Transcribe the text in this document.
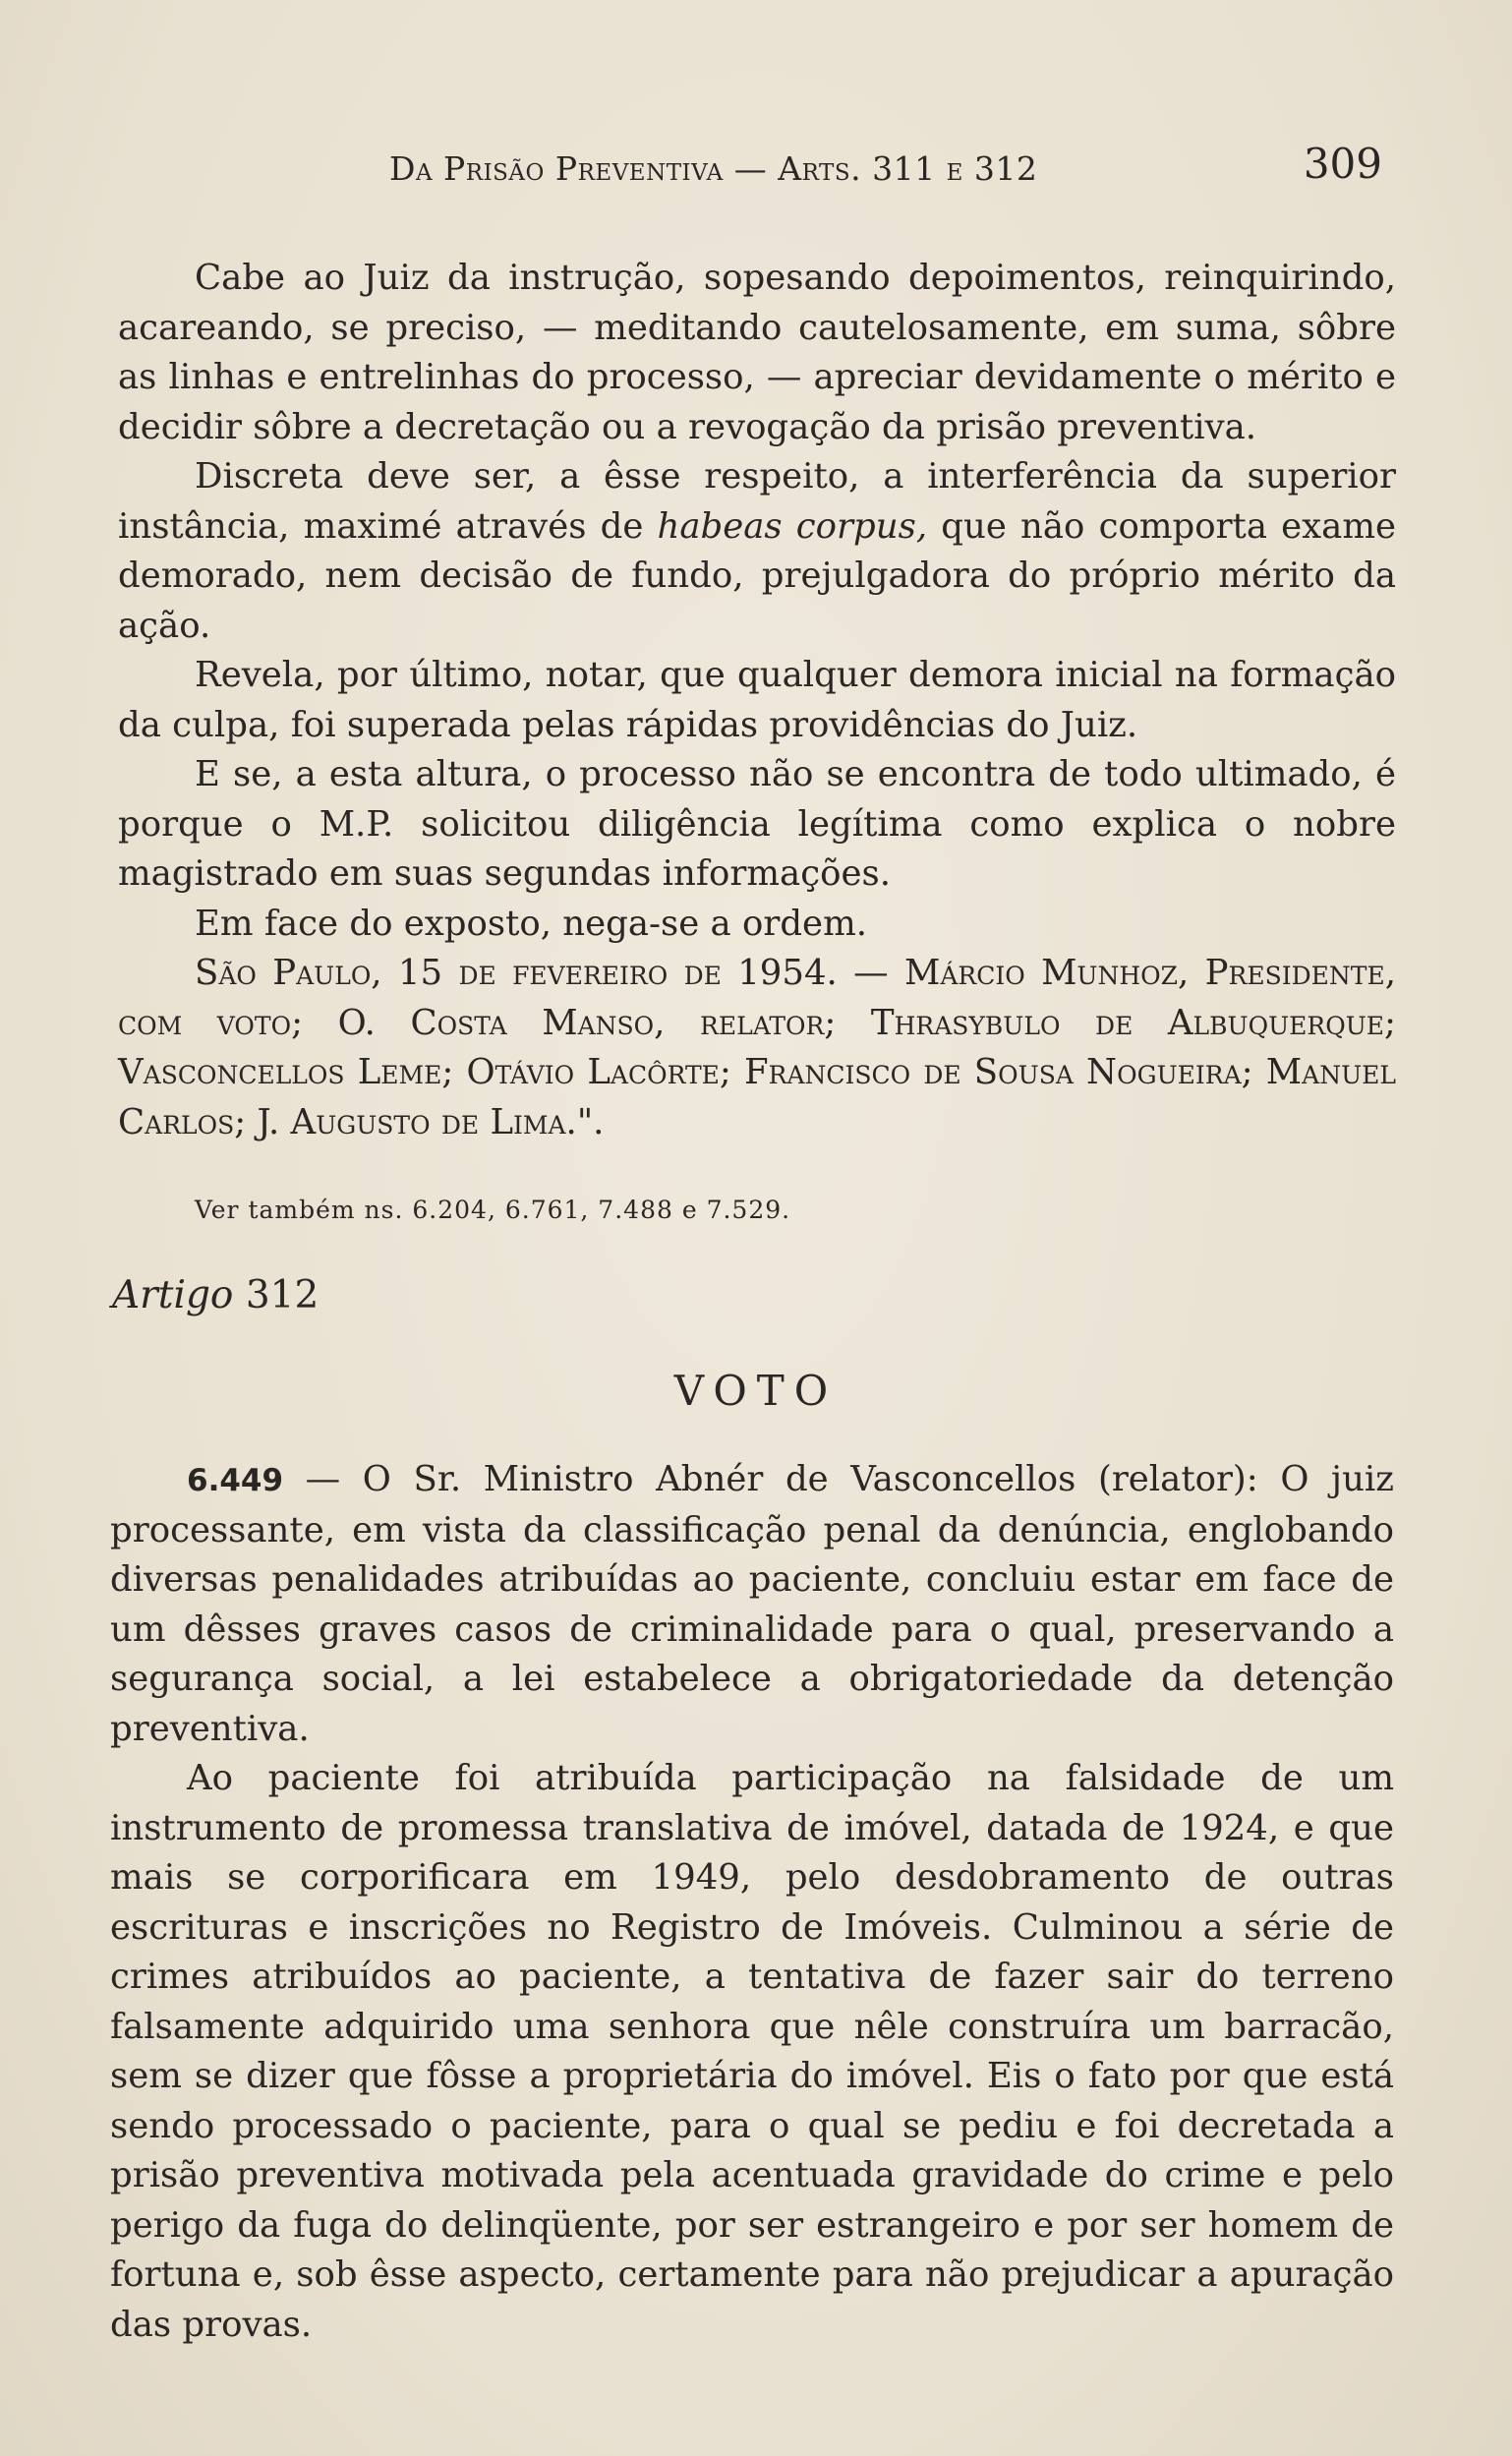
Da Prisão Preventiva — Arts. 311 e 312	309

Cabe ao Juiz da instrução, sopesando depoimentos, reinquirindo, acareando, se preciso, — meditando cautelosamente, em suma, sôbre as linhas e entrelinhas do processo, — apreciar devidamente o mérito e decidir sôbre a decretação ou a revogação da prisão preventiva.

Discreta deve ser, a êsse respeito, a interferência da superior instância, maximé através de habeas corpus, que não comporta exame demorado, nem decisão de fundo, prejulgadora do próprio mérito da ação.

Revela, por último, notar, que qualquer demora inicial na formação da culpa, foi superada pelas rápidas providências do Juiz.

E se, a esta altura, o processo não se encontra de todo ultimado, é porque o M.P. solicitou diligência legítima como explica o nobre magistrado em suas segundas informações.

Em face do exposto, nega-se a ordem.

São Paulo, 15 de fevereiro de 1954. — Márcio Munhoz, Presidente, com voto; O. Costa Manso, relator; Thrasybulo de Albuquerque; Vasconcellos Leme; Otávio Lacôrte; Francisco de Sousa Nogueira; Manuel Carlos; J. Augusto de Lima.".

Ver também ns. 6.204, 6.761, 7.488 e 7.529.
Artigo 312
VOTO

6.449 — O Sr. Ministro Abnér de Vasconcellos (relator): O juiz processante, em vista da classificação penal da denúncia, englobando diversas penalidades atribuídas ao paciente, concluiu estar em face de um dêsses graves casos de criminalidade para o qual, preservando a segurança social, a lei estabelece a obrigatoriedade da detenção preventiva.

Ao paciente foi atribuída participação na falsidade de um instrumento de promessa translativa de imóvel, datada de 1924, e que mais se corporificara em 1949, pelo desdobramento de outras escrituras e inscrições no Registro de Imóveis. Culminou a série de crimes atribuídos ao paciente, a tentativa de fazer sair do terreno falsamente adquirido uma senhora que nêle construíra um barracão, sem se dizer que fôsse a proprietária do imóvel. Eis o fato por que está sendo processado o paciente, para o qual se pediu e foi decretada a prisão preventiva motivada pela acentuada gravidade do crime e pelo perigo da fuga do delinqüente, por ser estrangeiro e por ser homem de fortuna e, sob êsse aspecto, certamente para não prejudicar a apuração das provas.
